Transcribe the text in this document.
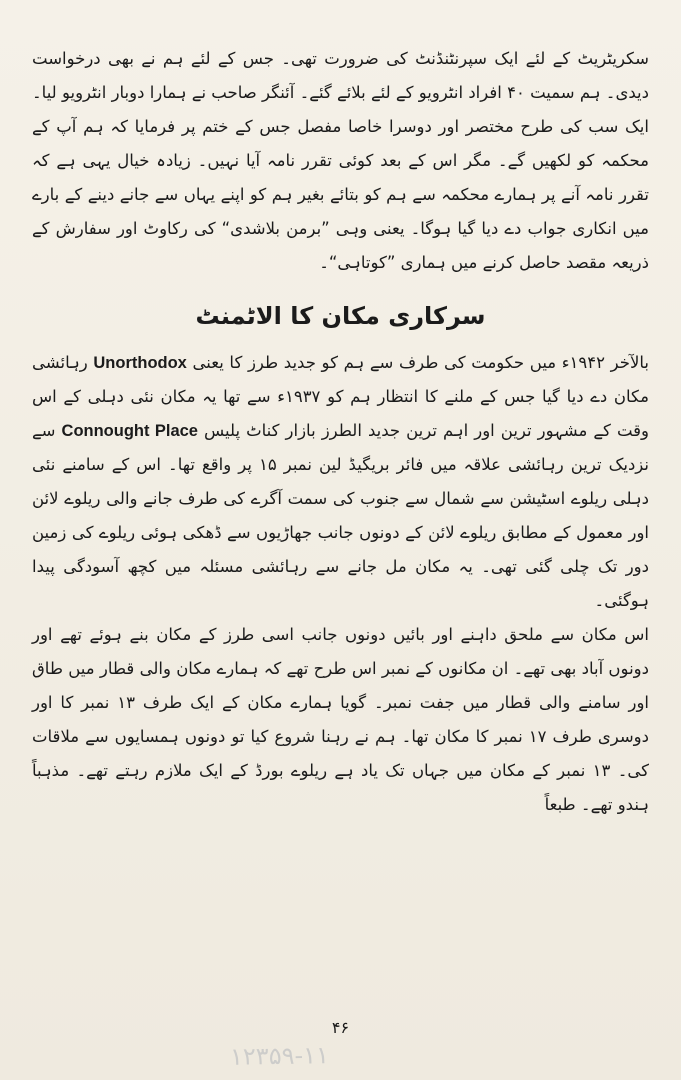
سکریٹریٹ کے لئے ایک سپرنٹنڈنٹ کی ضرورت تھی۔ جس کے لئے ہم نے بھی درخواست دیدی۔ ہم سمیت ۴۰ افراد انٹرویو کے لئے بلائے گئے۔ آئنگر صاحب نے ہمارا دوبار انٹرویو لیا۔ ایک سب کی طرح مختصر اور دوسرا خاصا مفصل جس کے ختم پر فرمایا کہ ہم آپ کے محکمہ کو لکھیں گے۔ مگر اس کے بعد کوئی تقرر نامہ آیا نہیں۔ زیادہ خیال یہی ہے کہ تقرر نامہ آنے پر ہمارے محکمہ سے ہم کو بتائے بغیر ہم کو اپنے یہاں سے جانے دینے کے بارے میں انکاری جواب دے دیا گیا ہوگا۔ یعنی وہی ”برمن بلاشدی“ کی رکاوٹ اور سفارش کے ذریعہ مقصد حاصل کرنے میں ہماری ”کوتاہی“۔

سرکاری مکان کا الاٹمنٹ

بالآخر ۱۹۴۲ء میں حکومت کی طرف سے ہم کو جدید طرز کا یعنی Unorthodox رہائشی مکان دے دیا گیا جس کے ملنے کا انتظار ہم کو ۱۹۳۷ء سے تھا یہ مکان نئی دہلی کے اس وقت کے مشہور ترین اور اہم ترین جدید الطرز بازار کناٹ پلیس Connought Place سے نزدیک ترین رہائشی علاقہ میں فائر بریگیڈ لین نمبر ۱۵ پر واقع تھا۔ اس کے سامنے نئی دہلی ریلوے اسٹیشن سے شمال سے جنوب کی سمت آگرے کی طرف جانے والی ریلوے لائن اور معمول کے مطابق ریلوے لائن کے دونوں جانب جھاڑیوں سے ڈھکی ہوئی ریلوے کی زمین دور تک چلی گئی تھی۔ یہ مکان مل جانے سے رہائشی مسئلہ میں کچھ آسودگی پیدا ہوگئی۔

اس مکان سے ملحق داہنے اور بائیں دونوں جانب اسی طرز کے مکان بنے ہوئے تھے اور دونوں آباد بھی تھے۔ ان مکانوں کے نمبر اس طرح تھے کہ ہمارے مکان والی قطار میں طاق اور سامنے والی قطار میں جفت نمبر۔ گویا ہمارے مکان کے ایک طرف ۱۳ نمبر کا اور دوسری طرف ۱۷ نمبر کا مکان تھا۔ ہم نے رہنا شروع کیا تو دونوں ہمسایوں سے ملاقات کی۔ ۱۳ نمبر کے مکان میں جہاں تک یاد ہے ریلوے بورڈ کے ایک ملازم رہتے تھے۔ مذہباً ہندو تھے۔ طبعاً

۴۶
۱۲۳۵۹-۱۱
